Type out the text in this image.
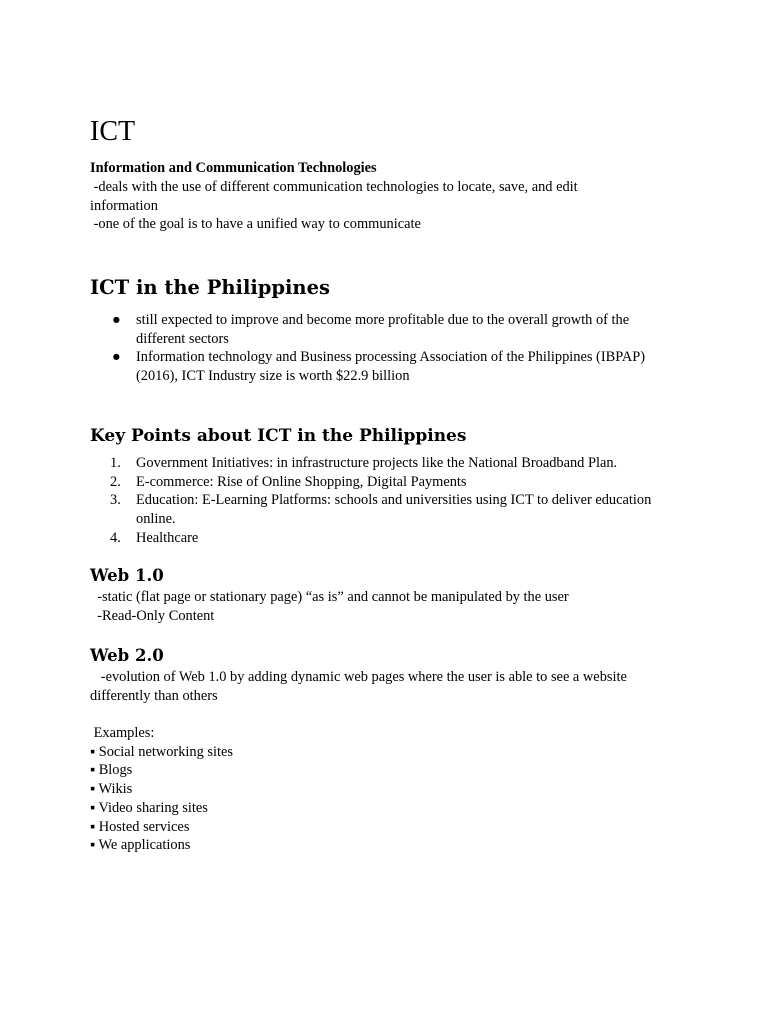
ICT
Information and Communication Technologies
-deals with the use of different communication technologies to locate, save, and edit
information
-one of the goal is to have a unified way to communicate
ICT in the Philippines
● still expected to improve and become more profitable due to the overall growth of the
different sectors
● Information technology and Business processing Association of the Philippines (IBPAP)
(2016), ICT Industry size is worth $22.9 billion
Key Points about ICT in the Philippines
1. Government Initiatives: in infrastructure projects like the National Broadband Plan.
2. E-commerce: Rise of Online Shopping, Digital Payments
3. Education: E-Learning Platforms: schools and universities using ICT to deliver education
online.
4. Healthcare
Web 1.0
-static (flat page or stationary page) “as is” and cannot be manipulated by the user
-Read-Only Content
Web 2.0
-evolution of Web 1.0 by adding dynamic web pages where the user is able to see a website
differently than others
Examples:
▪ Social networking sites
▪ Blogs
▪ Wikis
▪ Video sharing sites
▪ Hosted services
▪ We applications
